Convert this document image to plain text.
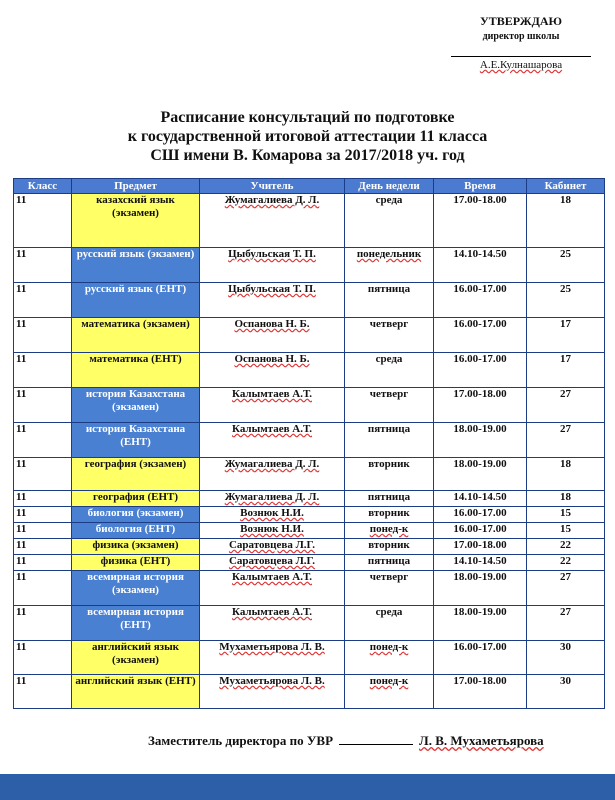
УТВЕРЖДАЮ
директор школы
А.Е.Кулнашарова
Расписание консультаций по подготовке
к государственной итоговой аттестации 11 класса
СШ имени В. Комарова за 2017/2018 уч. год
Класс	Предмет	Учитель	День недели	Время	Кабинет
11	казахский язык (экзамен)	Жумагалиева Д. Л.	среда	17.00-18.00	18
11	русский язык (экзамен)	Цыбульская Т. П.	понедельник	14.10-14.50	25
11	русский язык (ЕНТ)	Цыбульская Т. П.	пятница	16.00-17.00	25
11	математика (экзамен)	Оспанова Н. Б.	четверг	16.00-17.00	17
11	математика (ЕНТ)	Оспанова Н. Б.	среда	16.00-17.00	17
11	история Казахстана (экзамен)	Калымтаев А.Т.	четверг	17.00-18.00	27
11	история Казахстана (ЕНТ)	Калымтаев А.Т.	пятница	18.00-19.00	27
11	география (экзамен)	Жумагалиева Д. Л.	вторник	18.00-19.00	18
11	география (ЕНТ)	Жумагалиева Д. Л.	пятница	14.10-14.50	18
11	биология (экзамен)	Вознюк Н.И.	вторник	16.00-17.00	15
11	биология (ЕНТ)	Вознюк Н.И.	понед-к	16.00-17.00	15
11	физика (экзамен)	Саратовцева Л.Г.	вторник	17.00-18.00	22
11	физика (ЕНТ)	Саратовцева Л.Г.	пятница	14.10-14.50	22
11	всемирная история (экзамен)	Калымтаев А.Т.	четверг	18.00-19.00	27
11	всемирная история (ЕНТ)	Калымтаев А.Т.	среда	18.00-19.00	27
11	английский язык (экзамен)	Мухаметьярова Л. В.	понед-к	16.00-17.00	30
11	английский язык (ЕНТ)	Мухаметьярова Л. В.	понед-к	17.00-18.00	30
Заместитель директора по УВР	Л. В. Мухаметьярова
